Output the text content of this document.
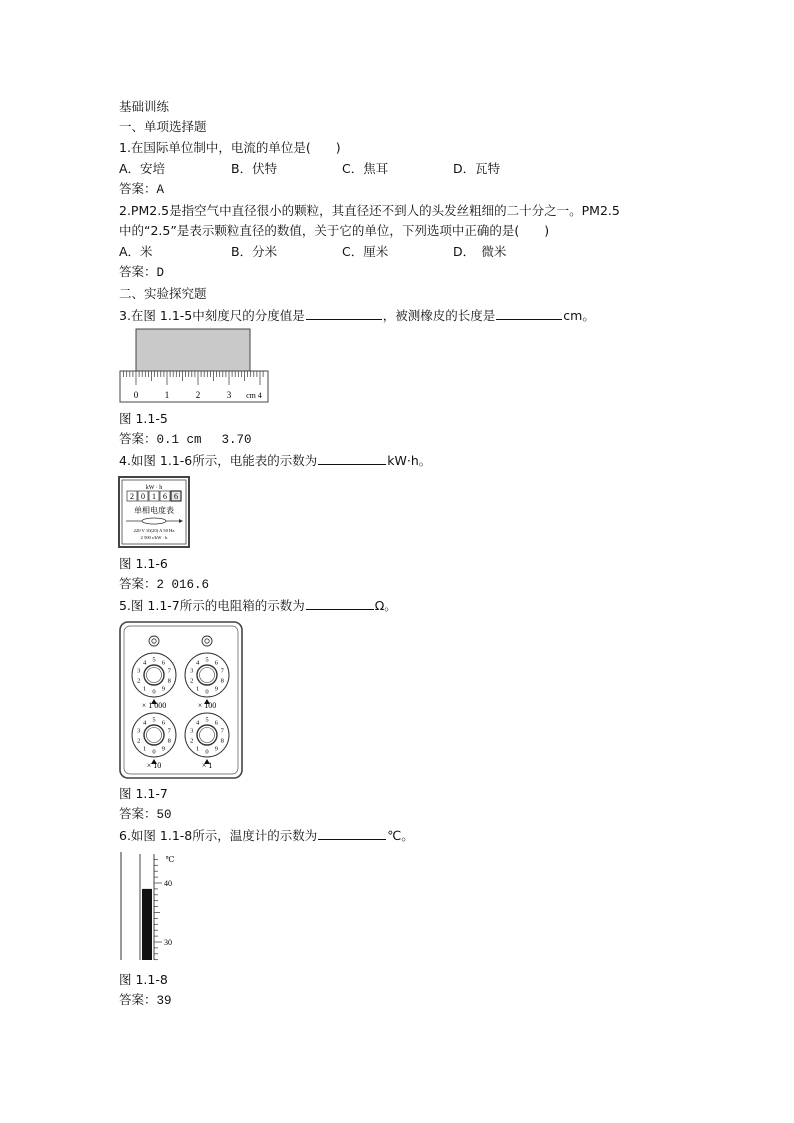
基础训练
一、单项选择题
1.在国际单位制中，电流的单位是(　　)
A．安培	B．伏特	C．焦耳	D．瓦特
答案：A
2.PM2.5是指空气中直径很小的颗粒，其直径还不到人的头发丝粗细的二十分之一。PM2.5
中的“2.5”是表示颗粒直径的数值，关于它的单位，下列选项中正确的是(　　)
A．米	B．分米	C．厘米	D．　微米
答案：D
二、实验探究题
3.在图 1.1-5中刻度尺的分度值是	，被测橡皮的长度是	cm。
0	1	2	3 cm 4
图 1.1-5
答案：0.1 cm　 3.70
4.如图 1.1-6所示，电能表的示数为	kW·h。
kW · h
2 0 1 6 6
单相电度表
220 V 10(20) A 50 Hz
2 500 r/kW · h
图 1.1-6
答案：2 016.6
5.图 1.1-7所示的电阻箱的示数为	Ω。
0
1
2
3
4 5 6
7
8
9	0
1
2
3
4 5 6
7
8
9
0
1
2
3
4 5 6
7
8
9	0
1
2
3
4 5 6
7
8
9
× 1 000	× 100
× 10	× 1
图 1.1-7
答案：50
6.如图 1.1-8所示，温度计的示数为	℃。
℃
40
30
图 1.1-8
答案：39
